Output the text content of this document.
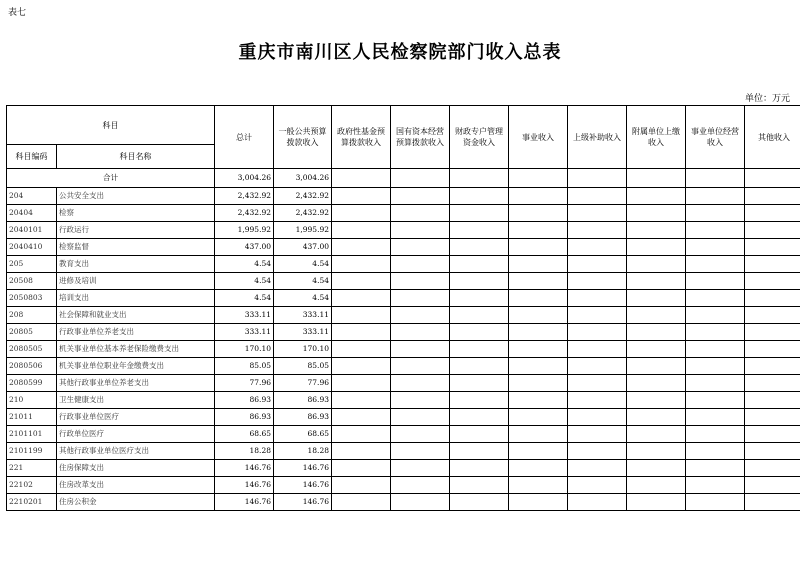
表七
重庆市南川区人民检察院部门收入总表
单位：万元
科目		总计	一般公共预算拨款收入	政府性基金预算拨款收入	国有资本经营预算拨款收入	财政专户管理资金收入	事业收入	上级补助收入	附属单位上缴收入	事业单位经营收入	其他收入
科目编码	科目名称										
合计		3,004.26	3,004.26								
204	公共安全支出	2,432.92	2,432.92								
20404	检察	2,432.92	2,432.92								
2040101	行政运行	1,995.92	1,995.92								
2040410	检察监督	437.00	437.00								
205	教育支出	4.54	4.54								
20508	进修及培训	4.54	4.54								
2050803	培训支出	4.54	4.54								
208	社会保障和就业支出	333.11	333.11								
20805	行政事业单位养老支出	333.11	333.11								
2080505	机关事业单位基本养老保险缴费支出	170.10	170.10								
2080506	机关事业单位职业年金缴费支出	85.05	85.05								
2080599	其他行政事业单位养老支出	77.96	77.96								
210	卫生健康支出	86.93	86.93								
21011	行政事业单位医疗	86.93	86.93								
2101101	行政单位医疗	68.65	68.65								
2101199	其他行政事业单位医疗支出	18.28	18.28								
221	住房保障支出	146.76	146.76								
22102	住房改革支出	146.76	146.76								
2210201	住房公积金	146.76	146.76								
